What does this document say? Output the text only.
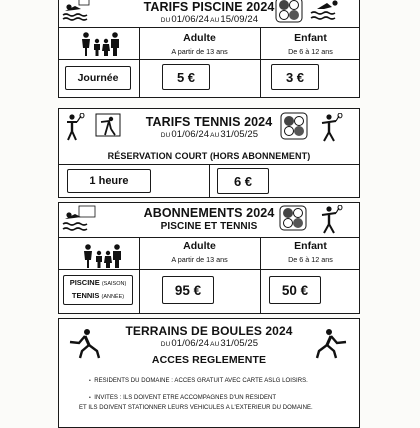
TARIFS PISCINE 2024
DU01/06/24AU15/09/24
Adulte
A partir de 13 ans
Enfant
De 6 à 12 ans
Journée	5 €	3 €
TARIFS TENNIS 2024
DU01/06/24AU31/05/25
RÉSERVATION COURT (HORS ABONNEMENT)
1 heure	6 €
ABONNEMENTS 2024
PISCINE ET TENNIS
Adulte
A partir de 13 ans
Enfant
De 6 à 12 ans
PISCINE (SAISON)
TENNIS (ANNÉE)	95 €	50 €
TERRAINS DE BOULES 2024
DU01/06/24AU31/05/25
ACCES REGLEMENTE
• RESIDENTS DU DOMAINE : ACCES GRATUIT AVEC CARTE ASLG LOISIRS.
• INVITES : ILS DOIVENT ETRE ACCOMPAGNES D'UN RESIDENT
ET ILS DOIVENT STATIONNER LEURS VEHICULES A L'EXTERIEUR DU DOMAINE.
